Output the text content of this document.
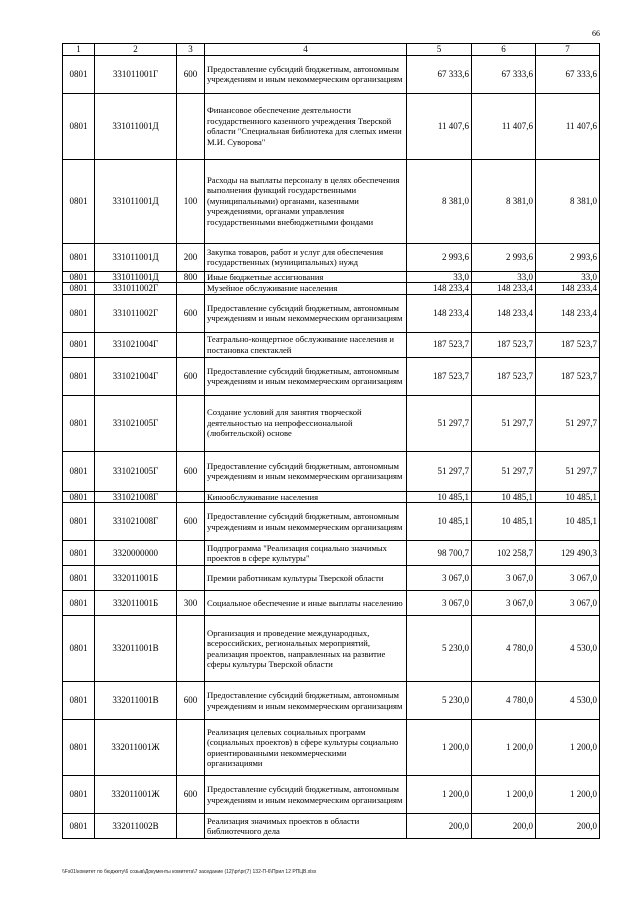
66
1	2	3	4	5	6	7
0801	331011001Г	600	Предоставление субсидий бюджетным, автономным учреждениям и иным некоммерческим организациям	67 333,6	67 333,6	67 333,6
0801	331011001Д		Финансовое обеспечение деятельности государственного казенного учреждения Тверской области "Специальная библиотека для слепых имени М.И. Суворова"	11 407,6	11 407,6	11 407,6
0801	331011001Д	100	Расходы на выплаты персоналу в целях обеспечения выполнения функций государственными (муниципальными) органами, казенными учреждениями, органами управления государственными внебюджетными фондами	8 381,0	8 381,0	8 381,0
0801	331011001Д	200	Закупка товаров, работ и услуг для обеспечения государственных (муниципальных) нужд	2 993,6	2 993,6	2 993,6
0801	331011001Д	800	Иные бюджетные ассигнования	33,0	33,0	33,0
0801	331011002Г		Музейное обслуживание населения	148 233,4	148 233,4	148 233,4
0801	331011002Г	600	Предоставление субсидий бюджетным, автономным учреждениям и иным некоммерческим организациям	148 233,4	148 233,4	148 233,4
0801	331021004Г		Театрально-концертное обслуживание населения и постановка спектаклей	187 523,7	187 523,7	187 523,7
0801	331021004Г	600	Предоставление субсидий бюджетным, автономным учреждениям и иным некоммерческим организациям	187 523,7	187 523,7	187 523,7
0801	331021005Г		Создание условий для занятия творческой деятельностью на непрофессиональной (любительской) основе	51 297,7	51 297,7	51 297,7
0801	331021005Г	600	Предоставление субсидий бюджетным, автономным учреждениям и иным некоммерческим организациям	51 297,7	51 297,7	51 297,7
0801	331021008Г		Кинообслуживание населения	10 485,1	10 485,1	10 485,1
0801	331021008Г	600	Предоставление субсидий бюджетным, автономным учреждениям и иным некоммерческим организациям	10 485,1	10 485,1	10 485,1
0801	3320000000		Подпрограмма "Реализация социально значимых проектов в сфере культуры"	98 700,7	102 258,7	129 490,3
0801	332011001Б		Премии работникам культуры Тверской области	3 067,0	3 067,0	3 067,0
0801	332011001Б	300	Социальное обеспечение и иные выплаты населению	3 067,0	3 067,0	3 067,0
0801	332011001В		Организация и проведение международных, всероссийских, региональных мероприятий, реализация проектов, направленных на развитие сферы культуры Тверской области	5 230,0	4 780,0	4 530,0
0801	332011001В	600	Предоставление субсидий бюджетным, автономным учреждениям и иным некоммерческим организациям	5 230,0	4 780,0	4 530,0
0801	332011001Ж		Реализация целевых социальных программ (социальных проектов) в сфере культуры социально ориентированными некоммерческими организациями	1 200,0	1 200,0	1 200,0
0801	332011001Ж	600	Предоставление субсидий бюджетным, автономным учреждениям и иным некоммерческим организациям	1 200,0	1 200,0	1 200,0
0801	332011002В		Реализация значимых проектов в области библиотечного дела	200,0	200,0	200,0
\\Fs01\комитет по бюджету\6 созыв\Документы комитета\7 заседание (12)\pr\pr(7) 132-П-6\Прил 12 РПЦВ.xlsx
